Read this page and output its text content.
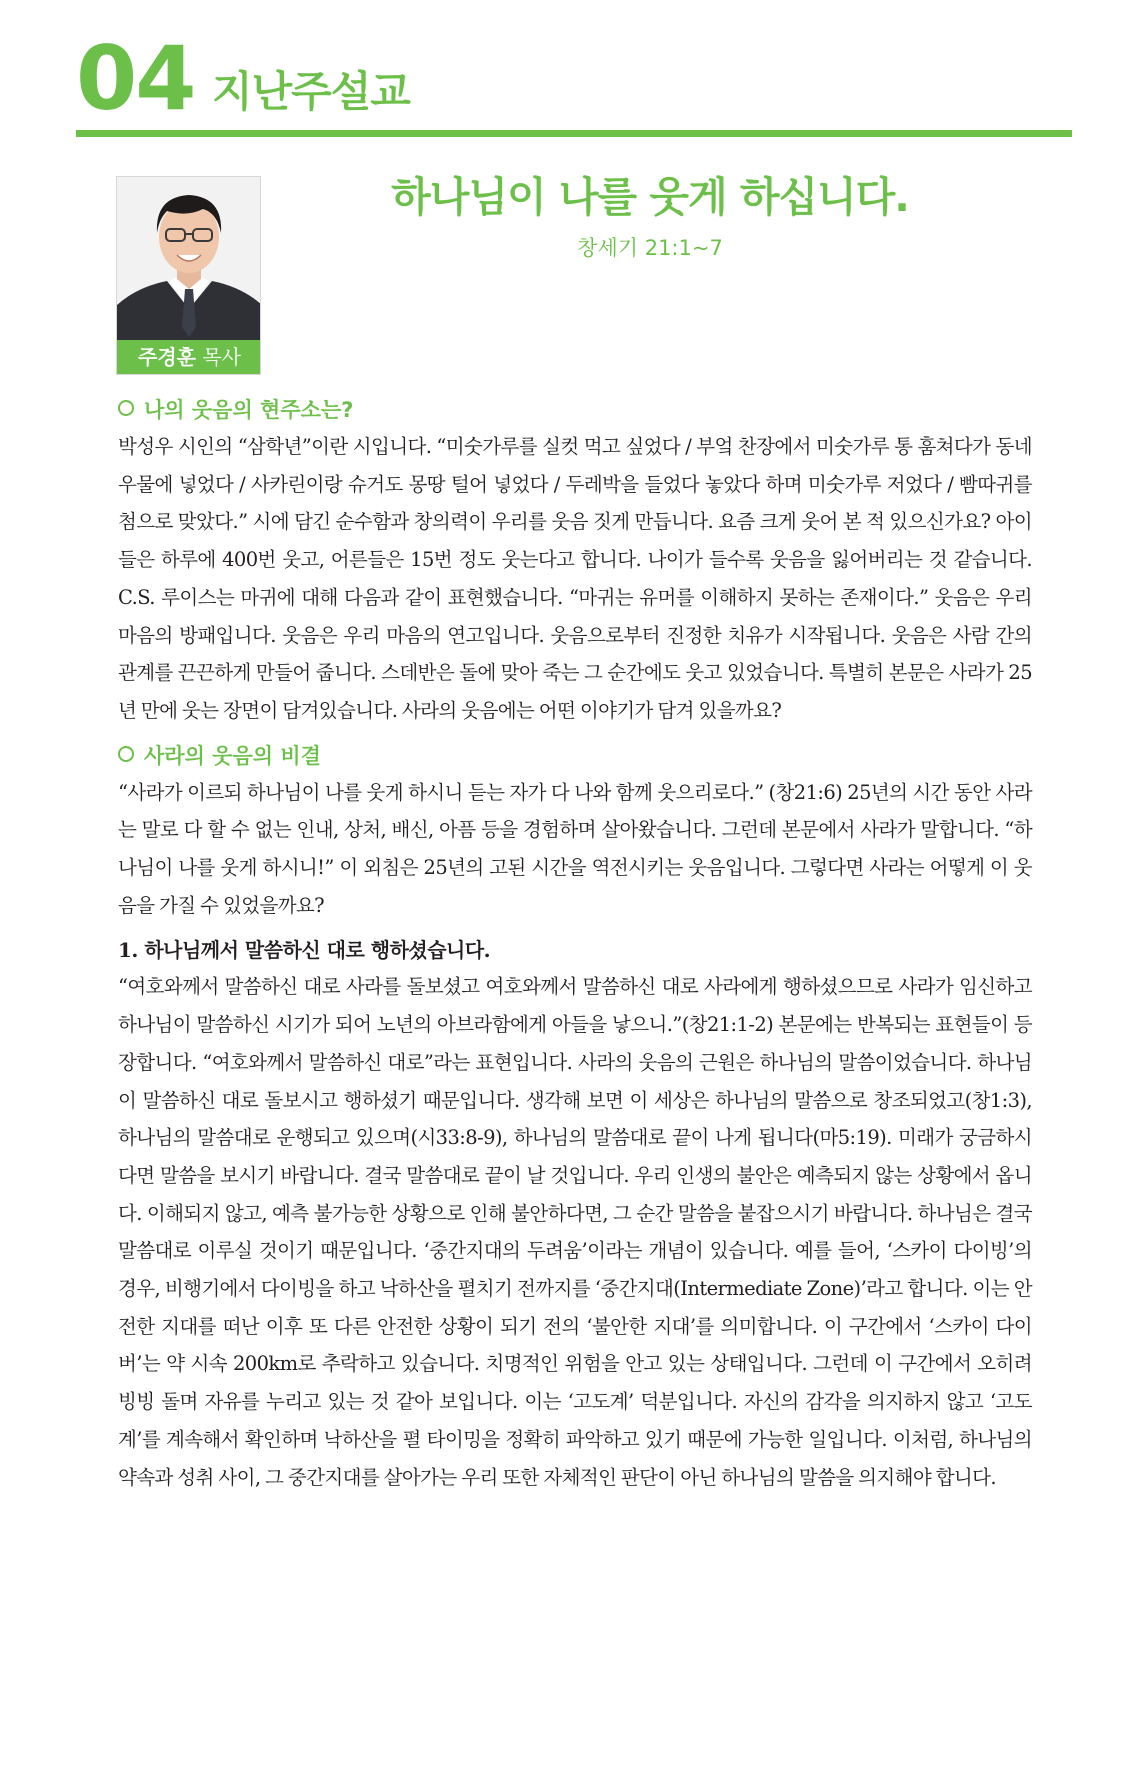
04 지난주설교
주경훈 목사
하나님이 나를 웃게 하십니다.
창세기 21:1~7

나의 웃음의 현주소는?

박성우 시인의 “삼학년”이란 시입니다. “미숫가루를 실컷 먹고 싶었다 / 부엌 찬장에서 미숫가루 통 훔쳐다가 동네 우물에 넣었다 / 사카린이랑 슈거도 몽땅 털어 넣었다 / 두레박을 들었다 놓았다 하며 미숫가루 저었다 / 빰따귀를 첨으로 맞았다.” 시에 담긴 순수함과 창의력이 우리를 웃음 짓게 만듭니다. 요즘 크게 웃어 본 적 있으신가요? 아이들은 하루에 400번 웃고, 어른들은 15번 정도 웃는다고 합니다. 나이가 들수록 웃음을 잃어버리는 것 같습니다. C.S. 루이스는 마귀에 대해 다음과 같이 표현했습니다. “마귀는 유머를 이해하지 못하는 존재이다.” 웃음은 우리 마음의 방패입니다. 웃음은 우리 마음의 연고입니다. 웃음으로부터 진정한 치유가 시작됩니다. 웃음은 사람 간의 관계를 끈끈하게 만들어 줍니다. 스데반은 돌에 맞아 죽는 그 순간에도 웃고 있었습니다. 특별히 본문은 사라가 25년 만에 웃는 장면이 담겨있습니다. 사라의 웃음에는 어떤 이야기가 담겨 있을까요?

사라의 웃음의 비결

“사라가 이르되 하나님이 나를 웃게 하시니 듣는 자가 다 나와 함께 웃으리로다.” (창21:6) 25년의 시간 동안 사라는 말로 다 할 수 없는 인내, 상처, 배신, 아픔 등을 경험하며 살아왔습니다. 그런데 본문에서 사라가 말합니다. “하나님이 나를 웃게 하시니!” 이 외침은 25년의 고된 시간을 역전시키는 웃음입니다. 그렇다면 사라는 어떻게 이 웃음을 가질 수 있었을까요?

1. 하나님께서 말씀하신 대로 행하셨습니다.

“여호와께서 말씀하신 대로 사라를 돌보셨고 여호와께서 말씀하신 대로 사라에게 행하셨으므로 사라가 임신하고 하나님이 말씀하신 시기가 되어 노년의 아브라함에게 아들을 낳으니.”(창21:1-2) 본문에는 반복되는 표현들이 등장합니다. “여호와께서 말씀하신 대로”라는 표현입니다. 사라의 웃음의 근원은 하나님의 말씀이었습니다. 하나님이 말씀하신 대로 돌보시고 행하셨기 때문입니다. 생각해 보면 이 세상은 하나님의 말씀으로 창조되었고(창1:3), 하나님의 말씀대로 운행되고 있으며(시33:8-9), 하나님의 말씀대로 끝이 나게 됩니다(마5:19). 미래가 궁금하시다면 말씀을 보시기 바랍니다. 결국 말씀대로 끝이 날 것입니다. 우리 인생의 불안은 예측되지 않는 상황에서 옵니다. 이해되지 않고, 예측 불가능한 상황으로 인해 불안하다면, 그 순간 말씀을 붙잡으시기 바랍니다. 하나님은 결국 말씀대로 이루실 것이기 때문입니다. ‘중간지대의 두려움’이라는 개념이 있습니다. 예를 들어, ‘스카이 다이빙’의 경우, 비행기에서 다이빙을 하고 낙하산을 펼치기 전까지를 ‘중간지대(Intermediate Zone)’라고 합니다. 이는 안전한 지대를 떠난 이후 또 다른 안전한 상황이 되기 전의 ‘불안한 지대’를 의미합니다. 이 구간에서 ‘스카이 다이버’는 약 시속 200km로 추락하고 있습니다. 치명적인 위험을 안고 있는 상태입니다. 그런데 이 구간에서 오히려 빙빙 돌며 자유를 누리고 있는 것 같아 보입니다. 이는 ‘고도계’ 덕분입니다. 자신의 감각을 의지하지 않고 ‘고도계’를 계속해서 확인하며 낙하산을 펼 타이밍을 정확히 파악하고 있기 때문에 가능한 일입니다. 이처럼, 하나님의 약속과 성취 사이, 그 중간지대를 살아가는 우리 또한 자체적인 판단이 아닌 하나님의 말씀을 의지해야 합니다.
